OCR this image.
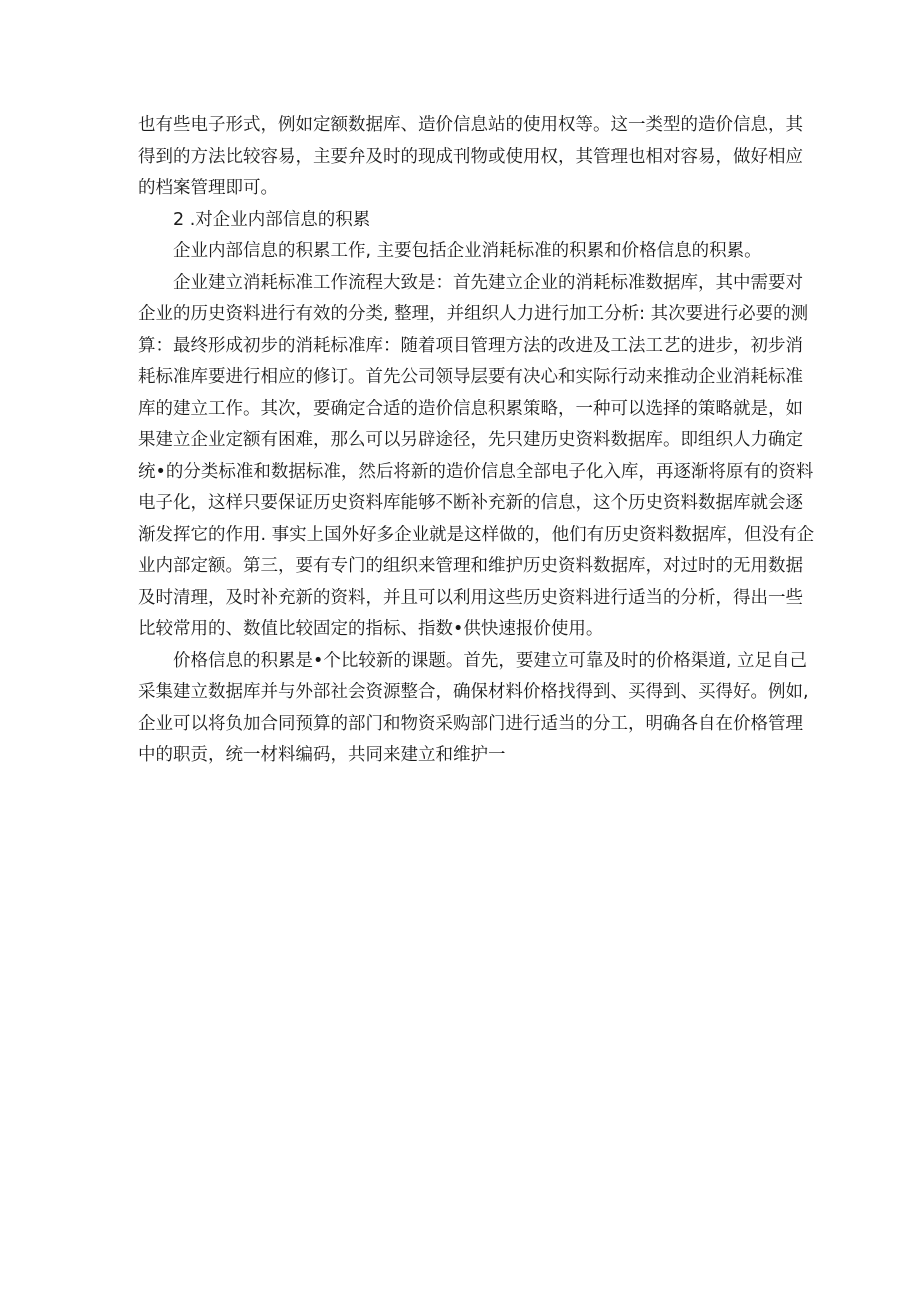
也有些电子形式，例如定额数据库、造价信息站的使用权等。这一类型的造价信息，其
得到的方法比较容易，主要弁及时的现成刊物或使用权，其管理也相对容易，做好相应
的档案管理即可。
2 .对企业内部信息的积累
企业内部信息的积累工作, 主要包括企业消耗标准的积累和价格信息的积累。
企业建立消耗标准工作流程大致是：首先建立企业的消耗标准数据库，其中需要对
企业的历史资料进行有效的分类, 整理，并组织人力进行加工分析: 其次要进行必要的测
算：最终形成初步的消耗标准库：随着项目管理方法的改进及工法工艺的进步，初步消
耗标准库要进行相应的修订。首先公司领导层要有决心和实际行动来推动企业消耗标准
库的建立工作。其次，要确定合适的造价信息积累策略，一种可以选择的策略就是，如
果建立企业定额有困难，那么可以另辟途径，先只建历史资料数据库。即组织人力确定
统•的分类标准和数据标准，然后将新的造价信息全部电子化入库，再逐渐将原有的资料
电子化，这样只要保证历史资料库能够不断补充新的信息，这个历史资料数据库就会逐
渐发挥它的作用. 事实上国外好多企业就是这样做的，他们有历史资料数据库，但没有企
业内部定额。第三，要有专门的组织来管理和维护历史资料数据库，对过时的无用数据
及时清理，及时补充新的资料，并且可以利用这些历史资料进行适当的分析，得出一些
比较常用的、数值比较固定的指标、指数•供快速报价使用。
价格信息的积累是•个比较新的课题。首先，要建立可靠及时的价格渠道, 立足自己
采集建立数据库并与外部社会资源整合，确保材料价格找得到、买得到、买得好。例如,
企业可以将负加合同预算的部门和物资采购部门进行适当的分工，明确各自在价格管理
中的职贡，统一材料编码，共同来建立和维护一
